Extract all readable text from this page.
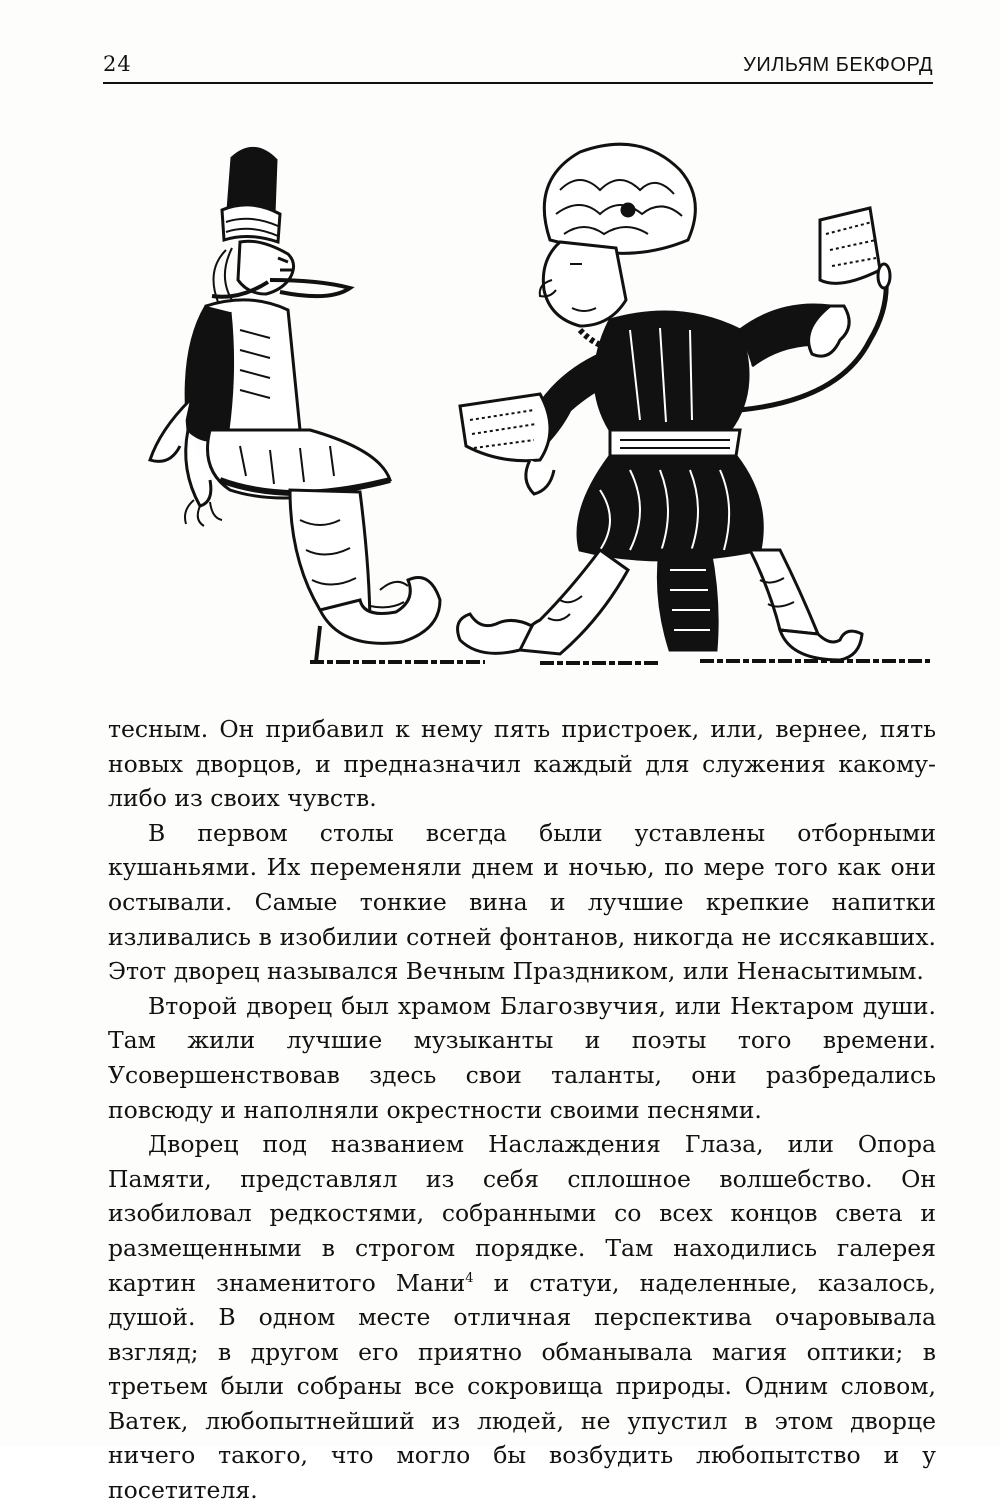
24	УИЛЬЯМ БЕКФОРД

тесным. Он прибавил к нему пять пристроек, или, вернее, пять новых дворцов, и предназначил каждый для служения какому-либо из своих чувств.

В первом столы всегда были уставлены отборными кушаньями. Их переменяли днем и ночью, по мере того как они остывали. Самые тонкие вина и лучшие крепкие напитки изливались в изобилии сотней фонтанов, никогда не иссякавших. Этот дворец назывался Вечным Праздником, или Ненасытимым.

Второй дворец был храмом Благозвучия, или Нектаром души. Там жили лучшие музыканты и поэты того времени. Усовершенствовав здесь свои таланты, они разбредались повсюду и наполняли окрестности своими песнями.

Дворец под названием Наслаждения Глаза, или Опора Памяти, представлял из себя сплошное волшебство. Он изобиловал редкостями, собранными со всех концов света и размещенными в строгом порядке. Там находились галерея картин знаменитого Мани$^4$ и статуи, наделенные, казалось, душой. В одном месте отличная перспектива очаровывала взгляд; в другом его приятно обманывала магия оптики; в третьем были собраны все сокровища природы. Одним словом, Ватек, любопытнейший из людей, не упустил в этом дворце ничего такого, что могло бы возбудить любопытство и у посетителя.
